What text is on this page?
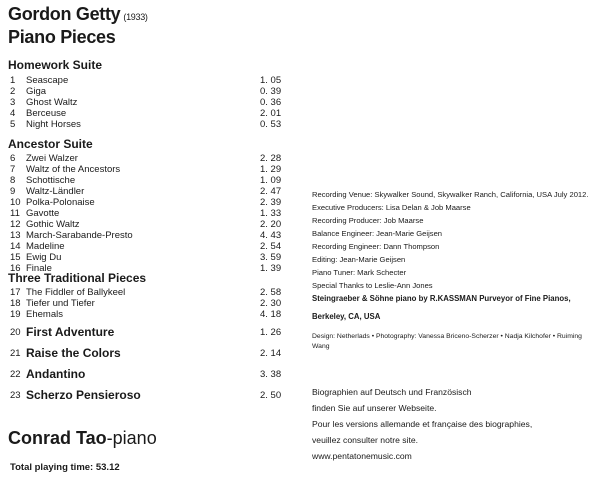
Gordon Getty (1933)
Piano Pieces
Homework Suite
1 Seascape	1. 05
2 Giga	0. 39
3 Ghost Waltz	0. 36
4 Berceuse	2. 01
5 Night Horses	0. 53
Ancestor Suite
6 Zwei Walzer	2. 28
7 Waltz of the Ancestors	1. 29
8 Schottische	1. 09
9 Waltz-Ländler	2. 47
10 Polka-Polonaise	2. 39
11 Gavotte	1. 33
12 Gothic Waltz	2. 20
13 March-Sarabande-Presto	4. 43
14 Madeline	2. 54
15 Ewig Du	3. 59
16 Finale	1. 39
Three Traditional Pieces
17 The Fiddler of Ballykeel	2. 58
18 Tiefer und Tiefer	2. 30
19 Ehemals	4. 18
20 First Adventure	1. 26
21 Raise the Colors	2. 14
22 Andantino	3. 38
23 Scherzo Pensieroso	2. 50
Conrad Tao-piano
Total playing time: 53.12
Recording Venue: Skywalker Sound, Skywalker Ranch, California, USA July 2012.
Executive Producers: Lisa Delan & Job Maarse
Recording Producer: Job Maarse
Balance Engineer: Jean-Marie Geijsen
Recording Engineer: Dann Thompson
Editing: Jean-Marie Geijsen
Piano Tuner: Mark Schecter
Special Thanks to Leslie-Ann Jones
Steingraeber & Söhne piano by R.KASSMAN Purveyor of Fine Pianos,
Berkeley, CA, USA
Design: Netherlads • Photography: Vanessa Briceno-Scherzer • Nadja Kilchofer • Ruiming Wang
Biographien auf Deutsch und Französisch
finden Sie auf unserer Webseite.
Pour les versions allemande et française des biographies,
veuillez consulter notre site.
www.pentatonemusic.com
